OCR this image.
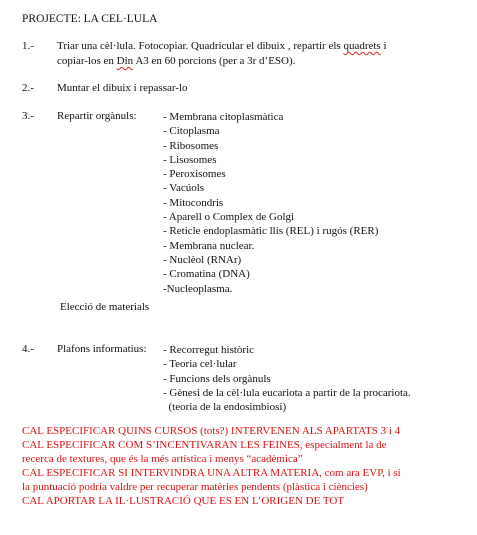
PROJECTE: LA CEL·LULA
1.- Triar una cèl·lula. Fotocopiar. Quadricular el dibuix , repartir els quadrets i
copiar-los en Din A3 en 60 porcions (per a 3r d’ESO).
2.- Muntar el dibuix i repassar-lo
3.- Repartir orgànuls: - Membrana citoplasmàtica
- Citoplasma
- Ribosomes
- Lisosomes
- Peroxisomes
- Vacúols
- Mitocondris
- Aparell o Complex de Golgi
- Reticle endoplasmàtic llis (REL) i rugós (RER)
- Membrana nuclear.
- Nuclèol (RNAr)
- Cromatina (DNA)
-Nucleoplasma.
Elecció de materials
4.- Plafons informatius: - Recorregut històric
- Teoria cel·lular
- Funcions dels orgànuls
- Gènesi de la cèl·lula eucariota a partir de la procariota.
(teoria de la endosimbiosi)
CAL ESPECIFICAR QUINS CURSOS (tots?) INTERVENEN ALS APARTATS 3 i 4
CAL ESPECIFICAR COM S’INCENTIVARAN LES FEINES, especialment la de
recerca de textures, que és la més artística i menys “acadèmica”
CAL ESPECIFICAR SI INTERVINDRA UNA ALTRA MATERIA, com ara EVP, i si
la puntuació podria valdre per recuperar matèries pendents (plàstica i ciències)
CAL APORTAR LA IL·LUSTRACIÓ QUE ES EN L’ORIGEN DE TOT
